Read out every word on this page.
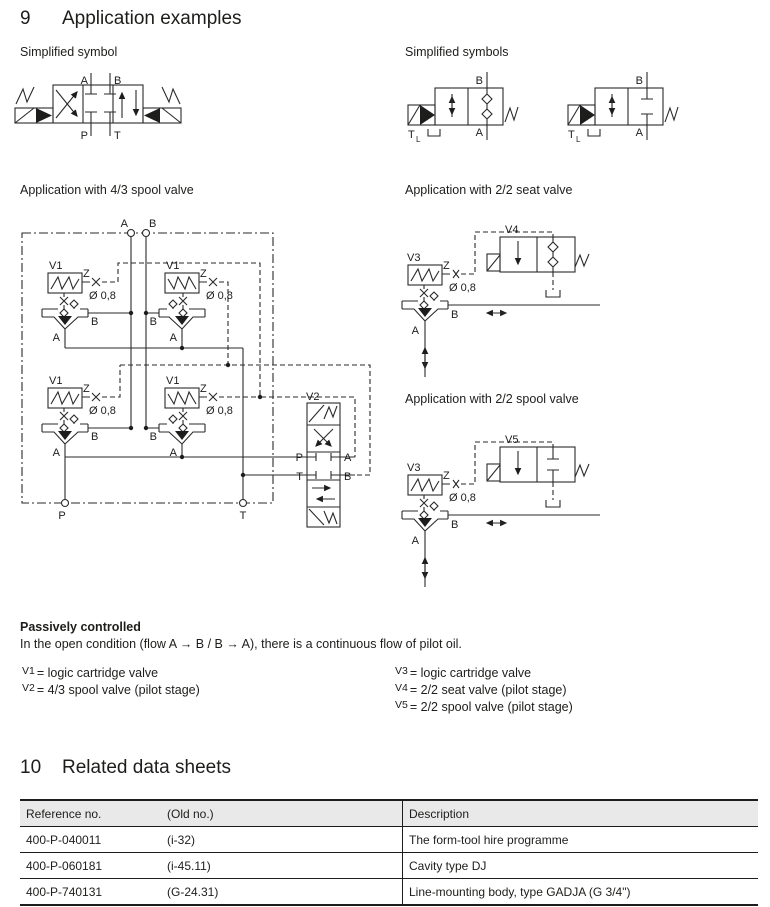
9 Application examples
Simplified symbol	Simplified symbols
Application with 4/3 spool valve	Application with 2/2 seat valve
Application with 2/2 spool valve
A B
P T
B
A
T L
B
A
T L
A B
P	T
V1	V1
V1	V1
Z	Z
Z	Z
Ø 0,8	Ø 0,8
Ø 0,8	Ø 0,8
B	B
B	B
A	A
A	A
V2
P	A
T	B
V3
Z
Ø 0,8
B
A
V4
V3
Z
Ø 0,8
B
A
V5
Passively controlled
In the open condition (flow A → B / B → A), there is a continuous flow of pilot oil.
$^{V1}$ = logic cartridge valve
$^{V2}$ = 4/3 spool valve (pilot stage)
$^{V3}$ = logic cartridge valve
$^{V4}$ = 2/2 seat valve (pilot stage)
$^{V5}$ = 2/2 spool valve (pilot stage)
10 Related data sheets
Reference no.	(Old no.)	Description
400-P-040011	(i-32)	The form-tool hire programme
400-P-060181	(i-45.11)	Cavity type DJ
400-P-740131	(G-24.31)	Line-mounting body, type GADJA (G 3/4")
